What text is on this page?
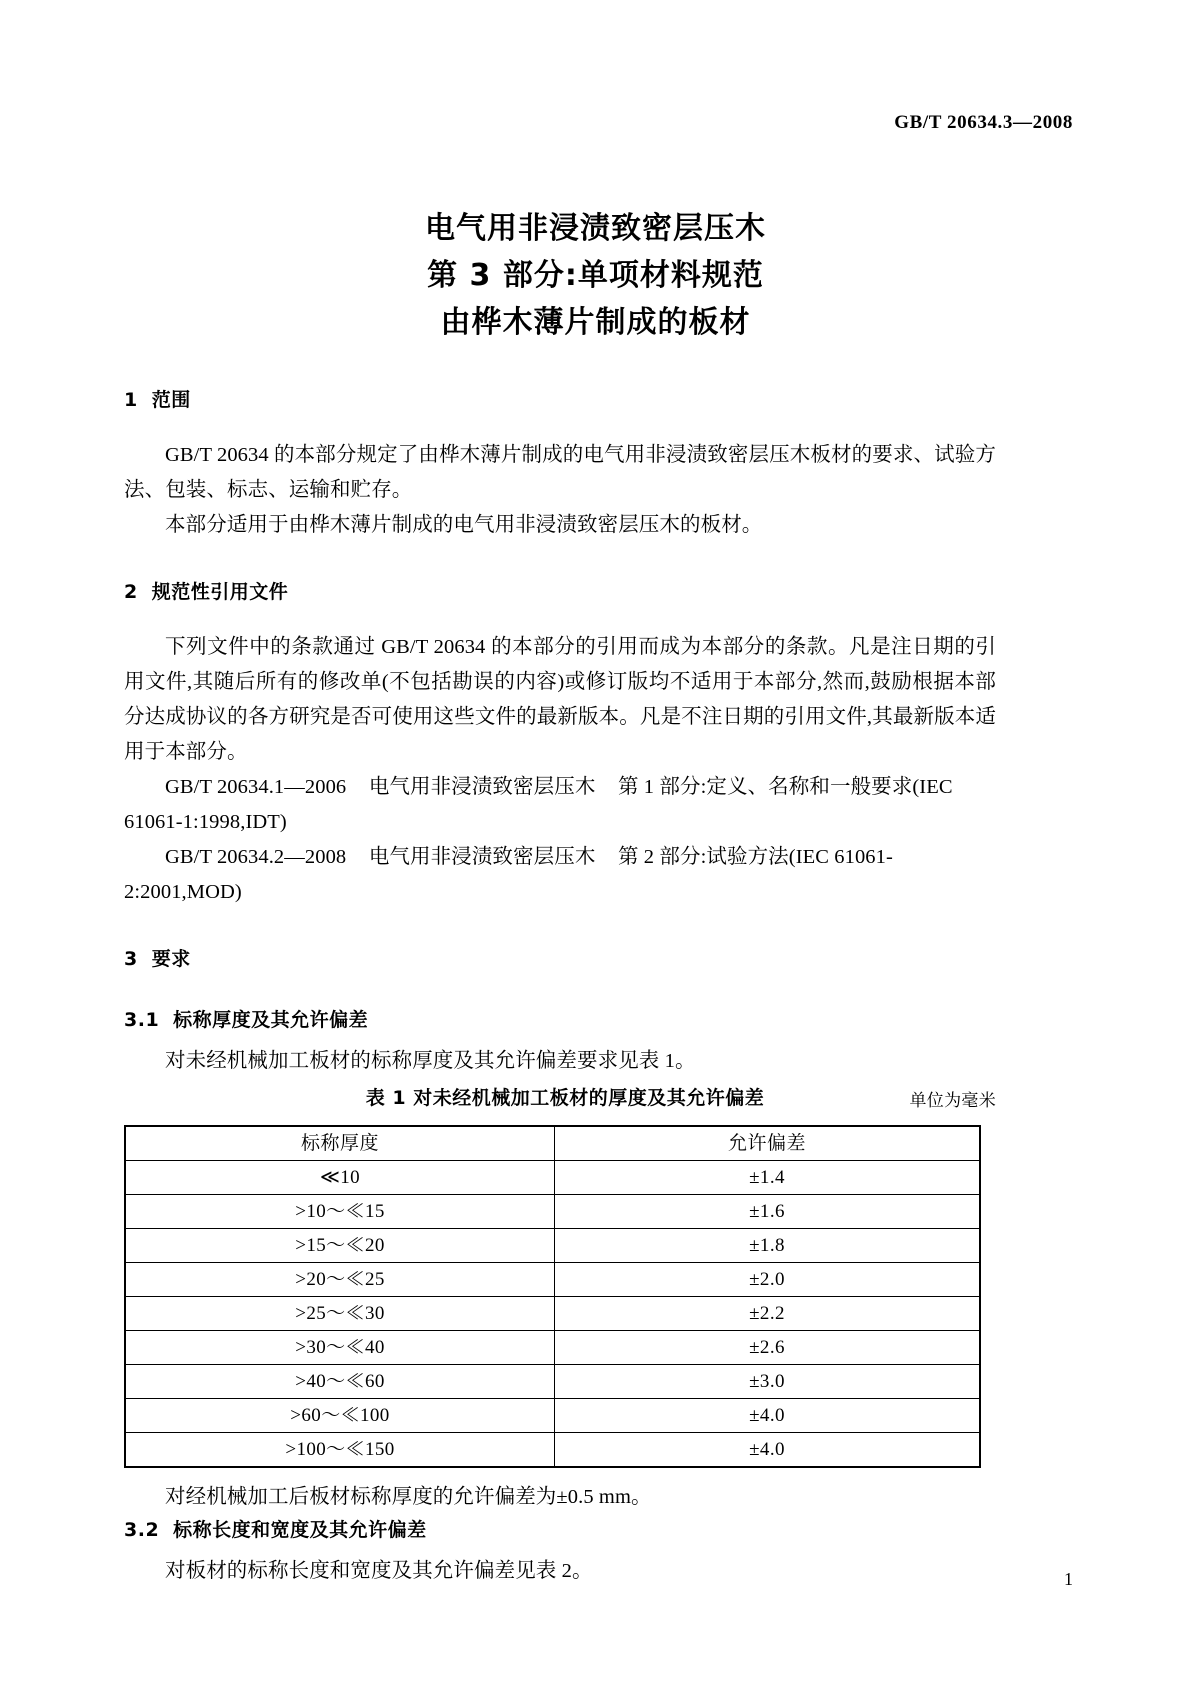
GB/T 20634.3—2008
电气用非浸渍致密层压木
第 3 部分:单项材料规范
由桦木薄片制成的板材
1 范围

GB/T 20634 的本部分规定了由桦木薄片制成的电气用非浸渍致密层压木板材的要求、试验方法、包装、标志、运输和贮存。

本部分适用于由桦木薄片制成的电气用非浸渍致密层压木的板材。

2 规范性引用文件

下列文件中的条款通过 GB/T 20634 的本部分的引用而成为本部分的条款。凡是注日期的引用文件,其随后所有的修改单(不包括勘误的内容)或修订版均不适用于本部分,然而,鼓励根据本部分达成协议的各方研究是否可使用这些文件的最新版本。凡是不注日期的引用文件,其最新版本适用于本部分。

GB/T 20634.1—2006 电气用非浸渍致密层压木 第 1 部分:定义、名称和一般要求(IEC 61061-1:1998,IDT)

GB/T 20634.2—2008 电气用非浸渍致密层压木 第 2 部分:试验方法(IEC 61061-2:2001,MOD)

3 要求
3.1 标称厚度及其允许偏差

对未经机械加工板材的标称厚度及其允许偏差要求见表 1。

表 1 对未经机械加工板材的厚度及其允许偏差	单位为毫米
标称厚度	允许偏差
≪10	±1.4
>10～≪15	±1.6
>15～≪20	±1.8
>20～≪25	±2.0
>25～≪30	±2.2
>30～≪40	±2.6
>40～≪60	±3.0
>60～≪100	±4.0
>100～≪150	±4.0

对经机械加工后板材标称厚度的允许偏差为±0.5 mm。

3.2 标称长度和宽度及其允许偏差

对板材的标称长度和宽度及其允许偏差见表 2。	1
